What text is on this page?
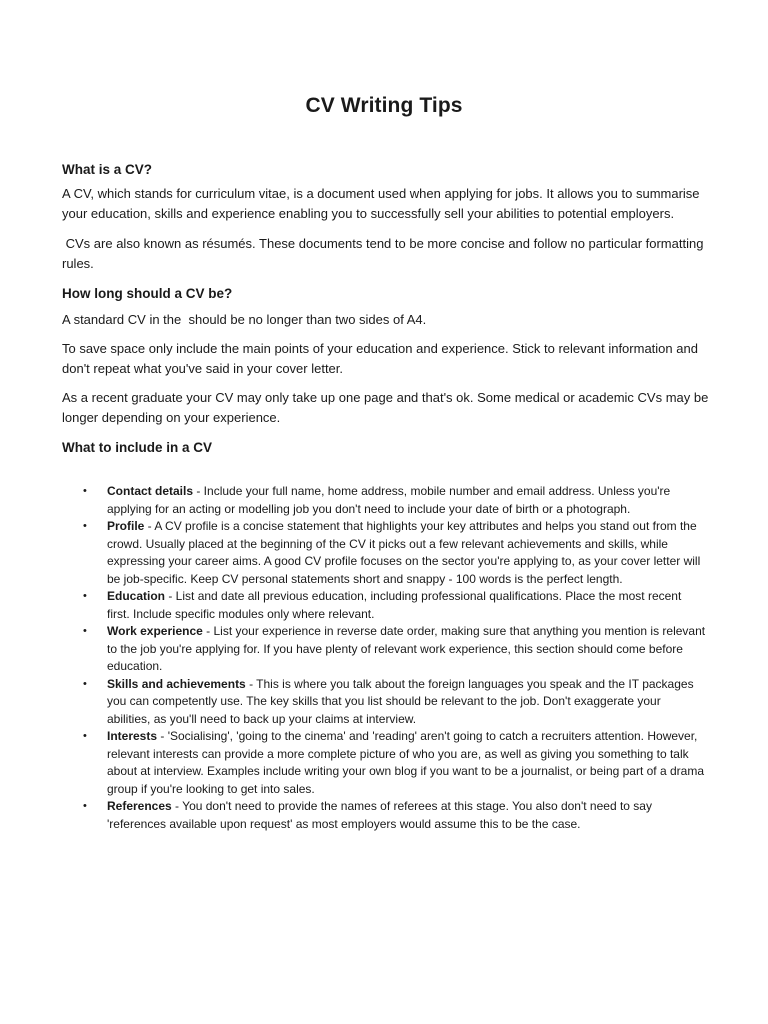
CV Writing Tips
What is a CV?

A CV, which stands for curriculum vitae, is a document used when applying for jobs. It allows you to summarise your education, skills and experience enabling you to successfully sell your abilities to potential employers.

CVs are also known as résumés. These documents tend to be more concise and follow no particular formatting rules.

How long should a CV be?

A standard CV in the  should be no longer than two sides of A4.

To save space only include the main points of your education and experience. Stick to relevant information and don't repeat what you've said in your cover letter.

As a recent graduate your CV may only take up one page and that's ok. Some medical or academic CVs may be longer depending on your experience.

What to include in a CV
• Contact details - Include your full name, home address, mobile number and email address. Unless you're applying for an acting or modelling job you don't need to include your date of birth or a photograph.
• Profile - A CV profile is a concise statement that highlights your key attributes and helps you stand out from the crowd. Usually placed at the beginning of the CV it picks out a few relevant achievements and skills, while expressing your career aims. A good CV profile focuses on the sector you're applying to, as your cover letter will be job-specific. Keep CV personal statements short and snappy - 100 words is the perfect length.
• Education - List and date all previous education, including professional qualifications. Place the most recent first. Include specific modules only where relevant.
• Work experience - List your experience in reverse date order, making sure that anything you mention is relevant to the job you're applying for. If you have plenty of relevant work experience, this section should come before education.
• Skills and achievements - This is where you talk about the foreign languages you speak and the IT packages you can competently use. The key skills that you list should be relevant to the job. Don't exaggerate your abilities, as you'll need to back up your claims at interview.
• Interests - 'Socialising', 'going to the cinema' and 'reading' aren't going to catch a recruiters attention. However, relevant interests can provide a more complete picture of who you are, as well as giving you something to talk about at interview. Examples include writing your own blog if you want to be a journalist, or being part of a drama group if you're looking to get into sales.
• References - You don't need to provide the names of referees at this stage. You also don't need to say 'references available upon request' as most employers would assume this to be the case.
